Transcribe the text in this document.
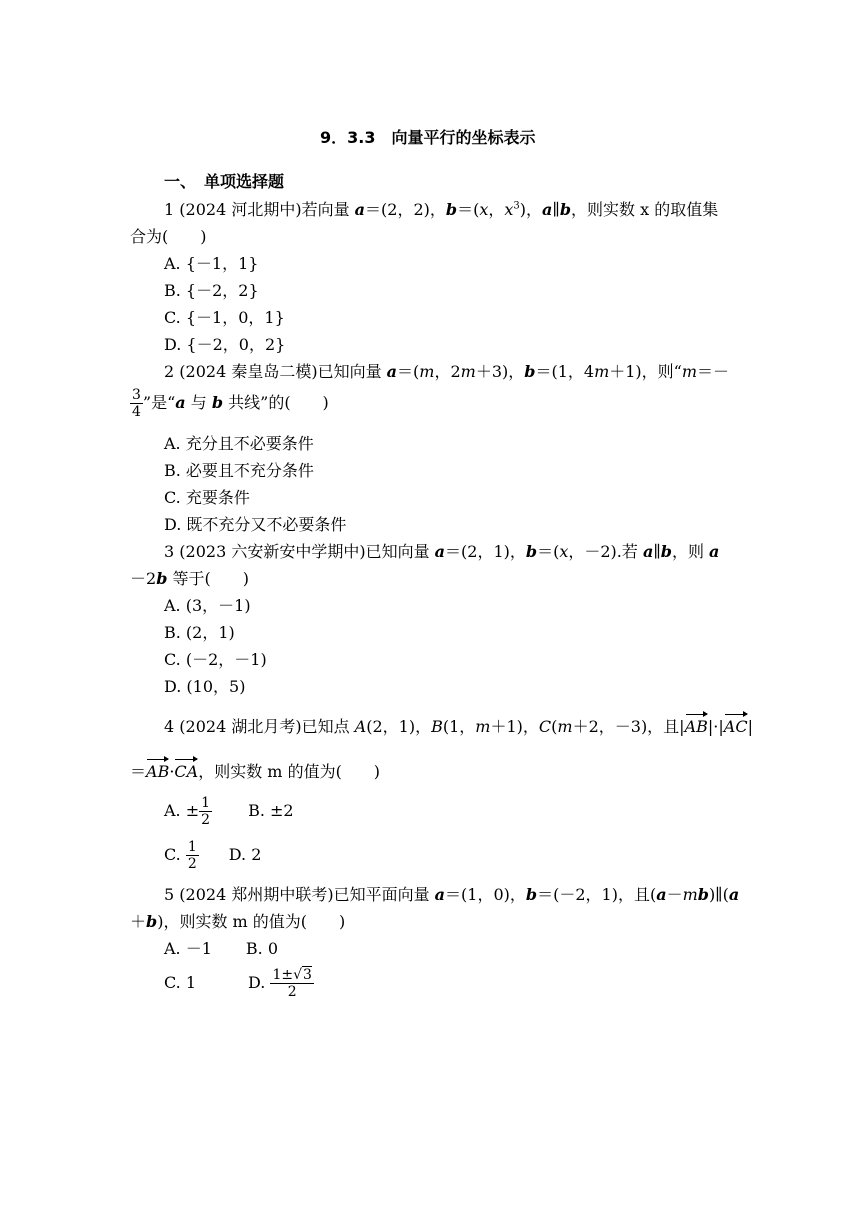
9．3.3　向量平行的坐标表示
一、　单项选择题
1 (2024 河北期中)若向量 a＝(2，2)，b＝(x，$x^3$)，a∥b，则实数 x 的取值集
合为(　　)
A. {－1，1}
B. {－2，2}
C. {－1，0，1}
D. {－2，0，2}
2 (2024 秦皇岛二模)已知向量 a＝(m，2m＋3)，b＝(1，4m＋1)，则“m＝－
$\frac{3}{4}$ ”是“a 与 b 共线”的(　　)
A. 充分且不必要条件
B. 必要且不充分条件
C. 充要条件
D. 既不充分又不必要条件
3 (2023 六安新安中学期中)已知向量 a＝(2，1)，b＝(x，－2).若 a∥b，则 a
－2b 等于(　　)
A. (3，－1)
B. (2，1)
C. (－2，－1)
D. (10，5)
4 (2024 湖北月考)已知点 A(2，1)，B(1，m＋1)，C(m＋2，－3)，且|AB|·|AC|
＝AB·CA，则实数 m 的值为(　　)
A. ± $\frac{1}{2} B$. ±2
C. $\frac{1}{2} D$. 2
5 (2024 郑州期中联考)已知平面向量 a＝(1，0)，b＝(－2，1)，且(a－mb)∥(a
＋b)，则实数 m 的值为(　　)
A. －1 B. 0
C. 1	D. $\frac{1\pm√3}{2}$
